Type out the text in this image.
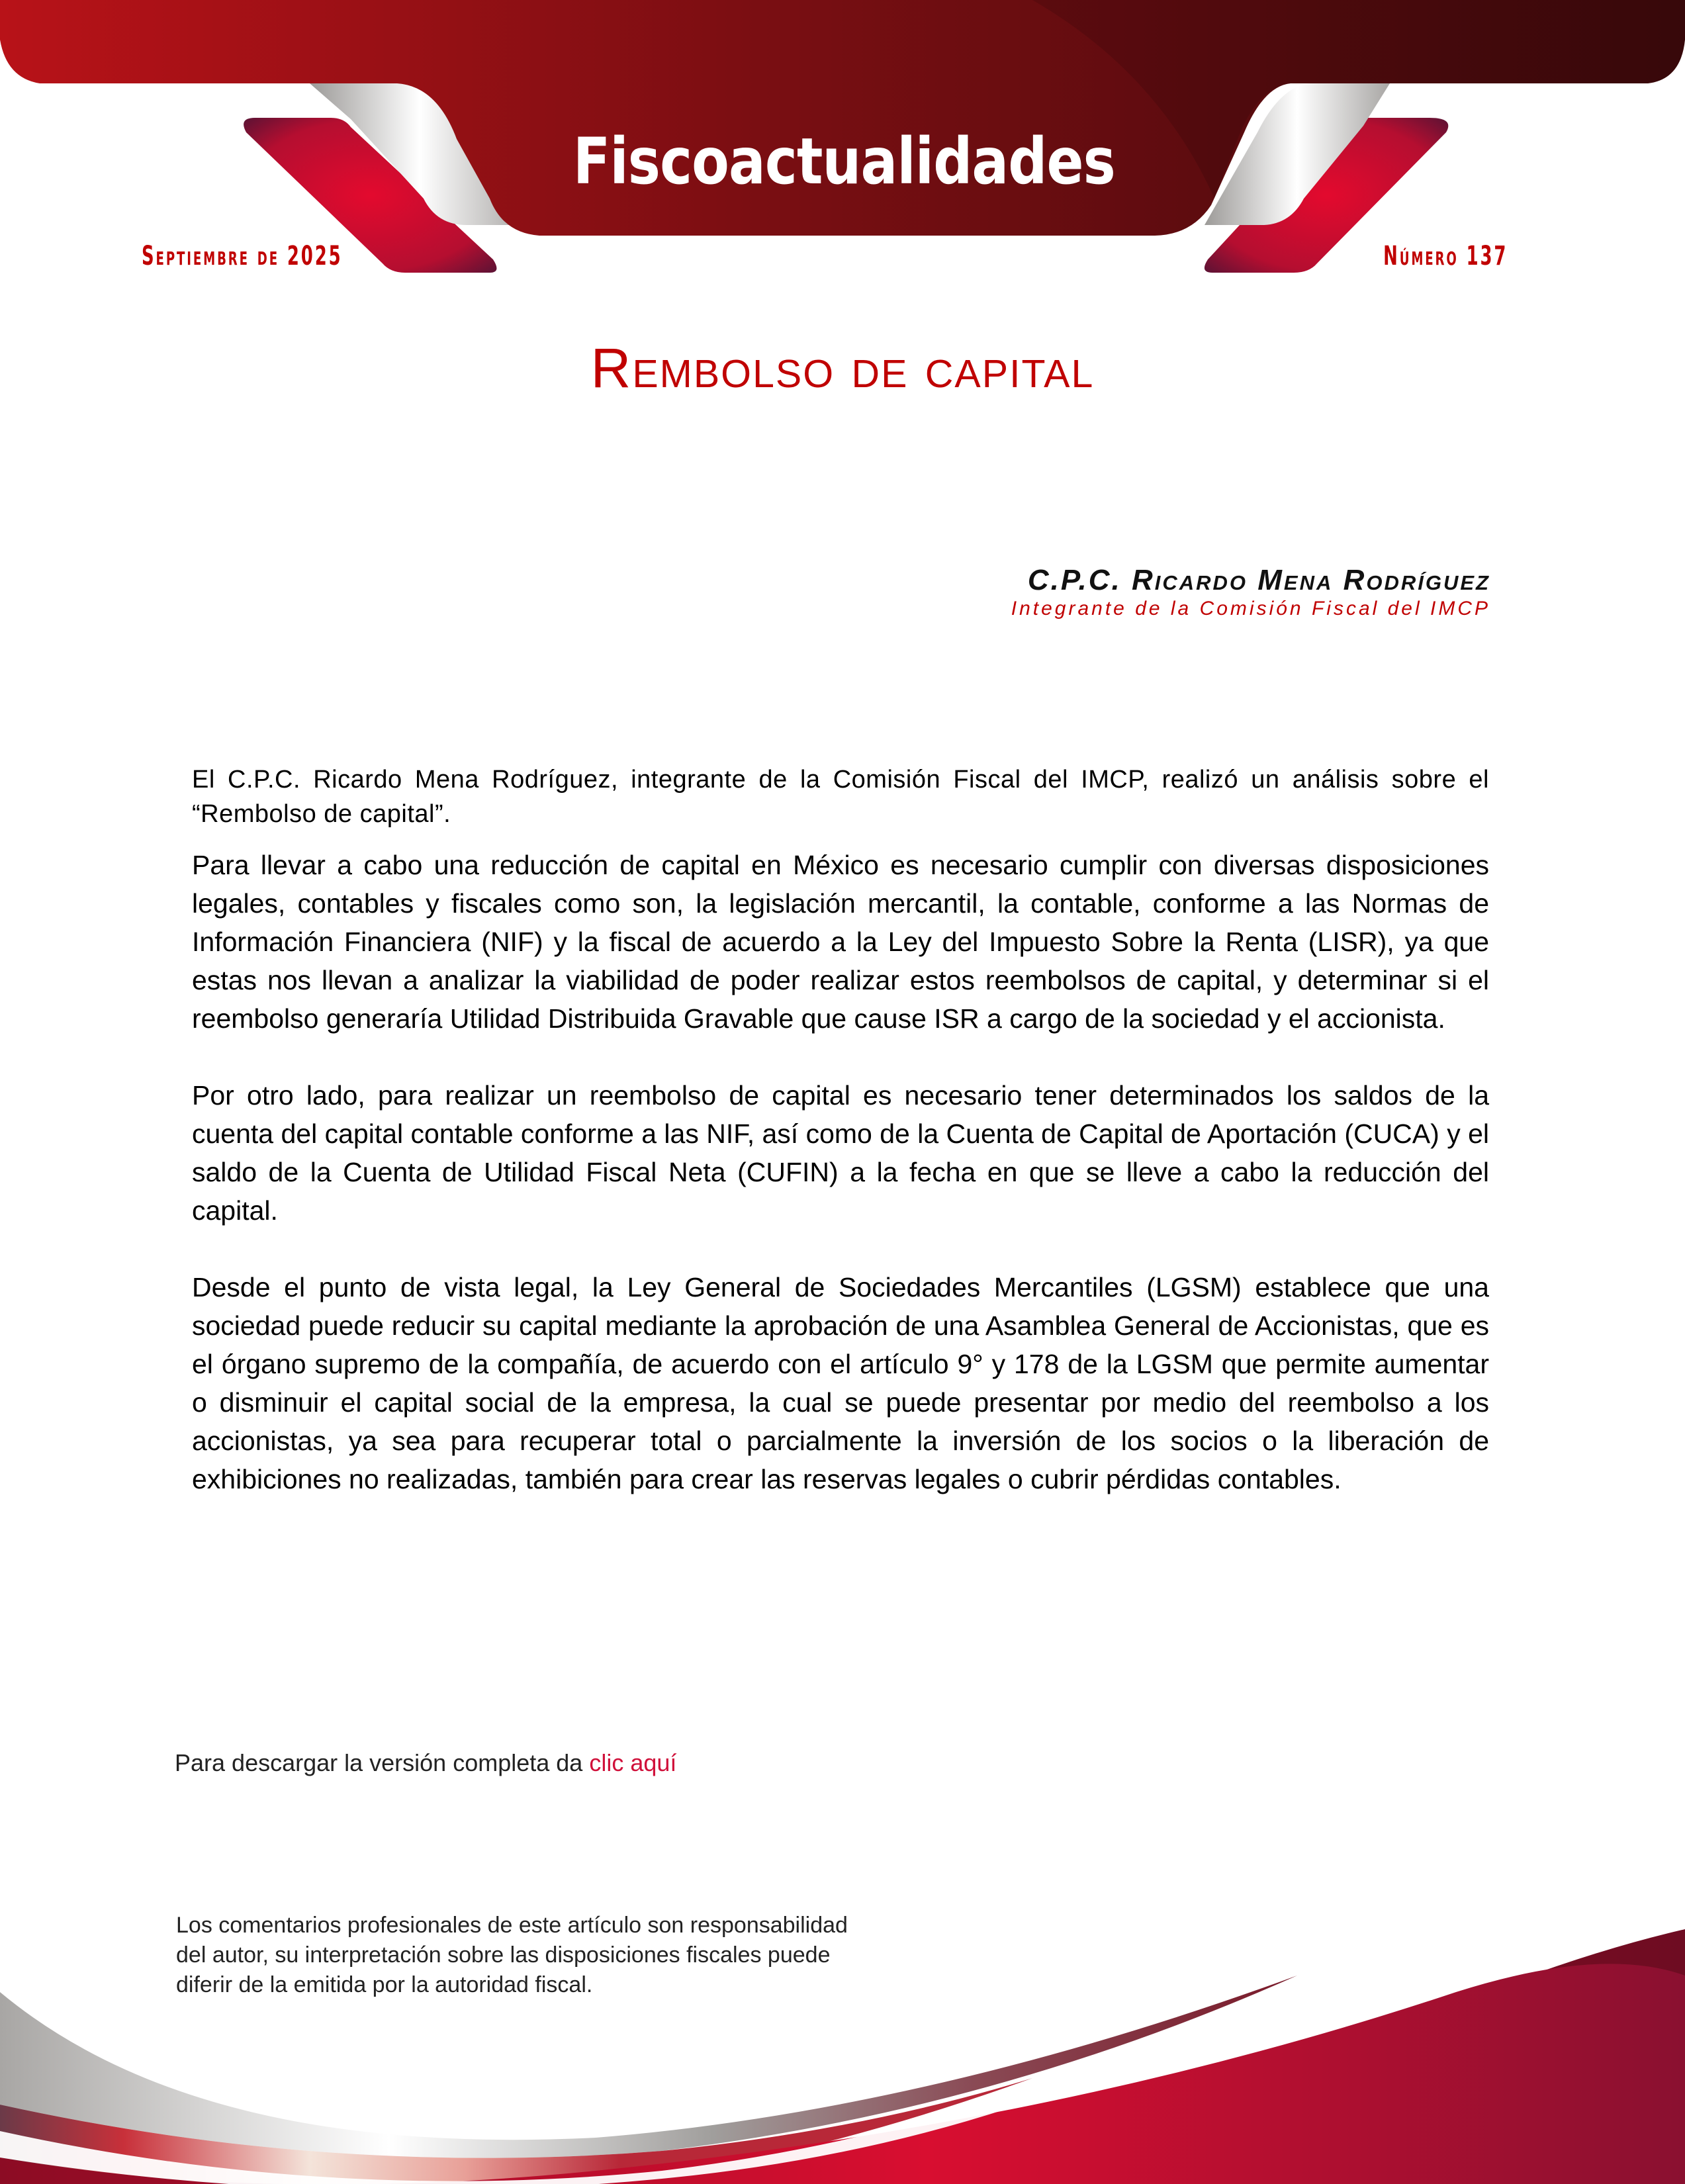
Fiscoactualidades
Septiembre de 2025	Número 137
Rembolso de capital
C.P.C. Ricardo Mena Rodríguez
Integrante de la Comisión Fiscal del IMCP

El C.P.C. Ricardo Mena Rodríguez, integrante de la Comisión Fiscal del IMCP, realizó un análisis sobre el “Rembolso de capital”.

Para llevar a cabo una reducción de capital en México es necesario cumplir con diversas disposiciones legales, contables y fiscales como son, la legislación mercantil, la contable, conforme a las Normas de Información Financiera (NIF) y la fiscal de acuerdo a la Ley del Impuesto Sobre la Renta (LISR), ya que estas nos llevan a analizar la viabilidad de poder realizar estos reembolsos de capital, y determinar si el reembolso generaría Utilidad Distribuida Gravable que cause ISR a cargo de la sociedad y el accionista.

Por otro lado, para realizar un reembolso de capital es necesario tener determinados los saldos de la cuenta del capital contable conforme a las NIF, así como de la Cuenta de Capital de Aportación (CUCA) y el saldo de la Cuenta de Utilidad Fiscal Neta (CUFIN) a la fecha en que se lleve a cabo la reducción del capital.

Desde el punto de vista legal, la Ley General de Sociedades Mercantiles (LGSM) establece que una sociedad puede reducir su capital mediante la aprobación de una Asamblea General de Accionistas, que es el órgano supremo de la compañía, de acuerdo con el artículo 9° y 178 de la LGSM que permite aumentar o disminuir el capital social de la empresa, la cual se puede presentar por medio del reembolso a los accionistas, ya sea para recuperar total o parcialmente la inversión de los socios o la liberación de exhibiciones no realizadas, también para crear las reservas legales o cubrir pérdidas contables.

Para descargar la versión completa da clic aquí
Los comentarios profesionales de este artículo son responsabilidad
del autor, su interpretación sobre las disposiciones fiscales puede
diferir de la emitida por la autoridad fiscal.
